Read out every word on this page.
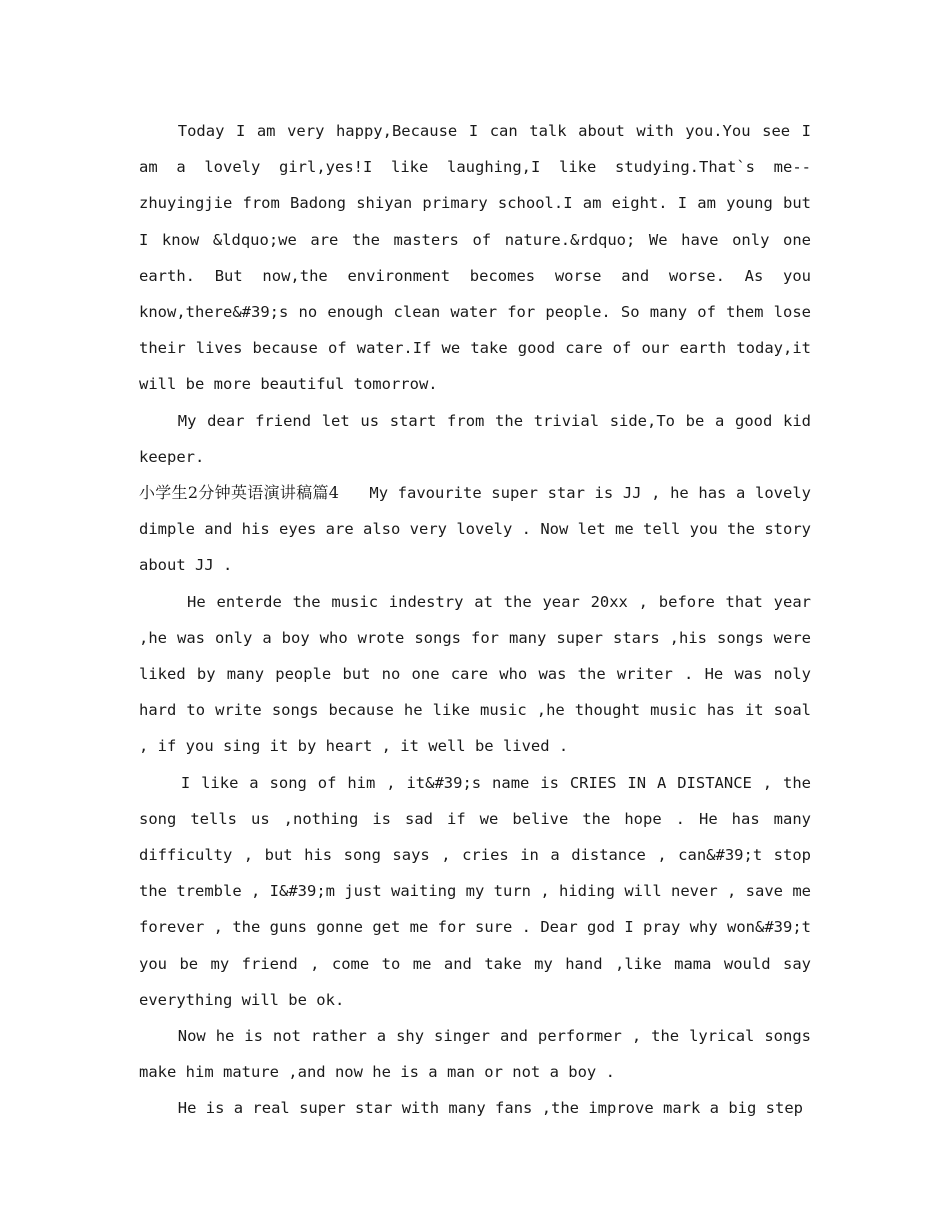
Today I am very happy,Because I can talk about with you.You see I am a lovely girl,yes!I like laughing,I like studying.That`s me-- zhuyingjie from Badong shiyan primary school.I am eight. I am young but I know &ldquo;we are the masters of nature.&rdquo; We have only one earth. But now,the environment becomes worse and worse. As you know,there&#39;s no enough clean water for people. So many of them lose their lives because of water.If we take good care of our earth today,it will be more beautiful tomorrow.

My dear friend let us start from the trivial side,To be a good kid keeper.

小学生2分钟英语演讲稿篇4 My favourite super star is JJ , he has a lovely dimple and his eyes are also very lovely . Now let me tell you the story about JJ .

He enterde the music indestry at the year 20xx , before that year ,he was only a boy who wrote songs for many super stars ,his songs were liked by many people but no one care who was the writer . He was noly hard to write songs because he like music ,he thought music has it soal , if you sing it by heart , it well be lived .

I like a song of him , it&#39;s name is CRIES IN A DISTANCE , the song tells us ,nothing is sad if we belive the hope . He has many difficulty , but his song says , cries in a distance , can&#39;t stop the tremble , I&#39;m just waiting my turn , hiding will never , save me forever , the guns gonne get me for sure . Dear god I pray why won&#39;t you be my friend , come to me and take my hand ,like mama would say everything will be ok.

Now he is not rather a shy singer and performer , the lyrical songs make him mature ,and now he is a man or not a boy .

He is a real super star with many fans ,the improve mark a big step
